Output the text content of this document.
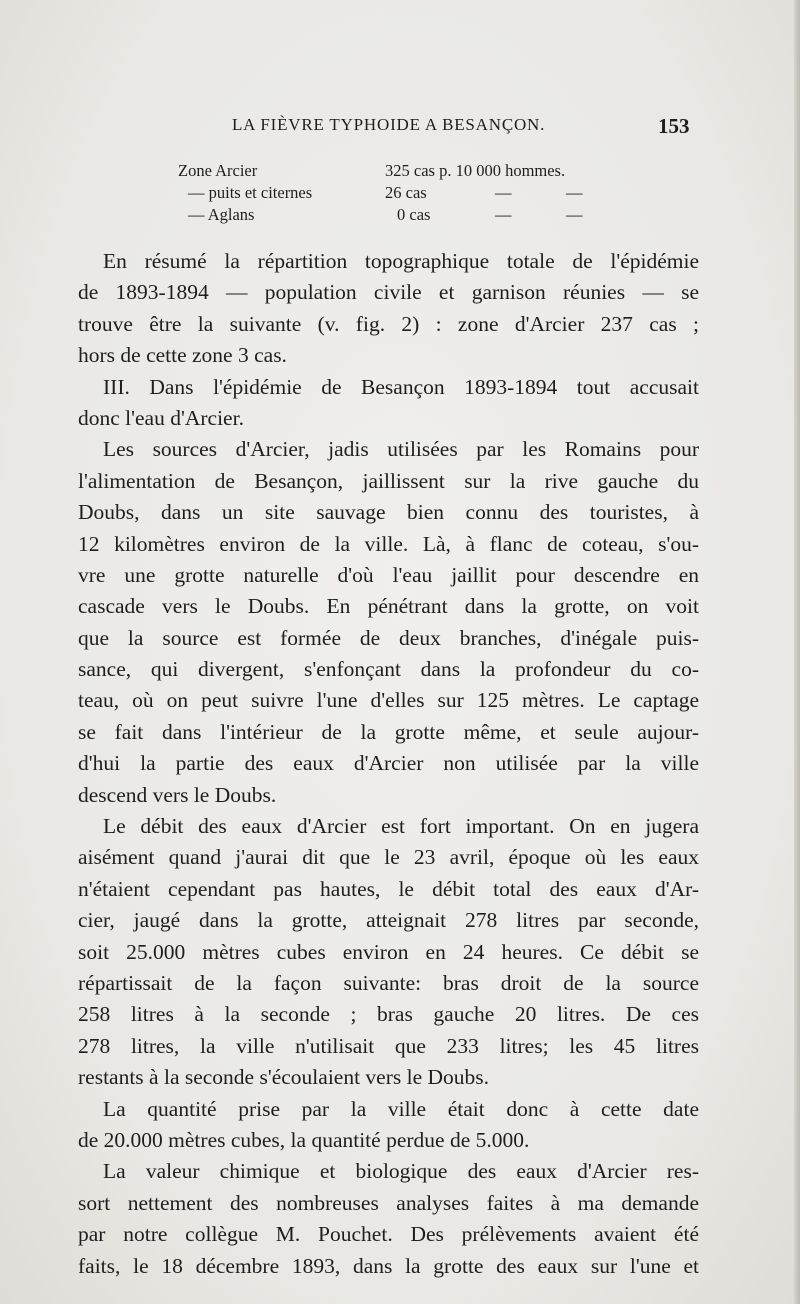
LA FIÈVRE TYPHOIDE A BESANÇON.	153
Zone Arcier	325 cas p. 10 000 hommes.
— puits et citernes	26 cas	—	—
— Aglans	0 cas	—	—
En résumé la répartition topographique totale de l'épidémie
de 1893-1894 — population civile et garnison réunies — se
trouve être la suivante (v. fig. 2) : zone d'Arcier 237 cas ;
hors de cette zone 3 cas.
III. Dans l'épidémie de Besançon 1893-1894 tout accusait
donc l'eau d'Arcier.
Les sources d'Arcier, jadis utilisées par les Romains pour
l'alimentation de Besançon, jaillissent sur la rive gauche du
Doubs, dans un site sauvage bien connu des touristes, à
12 kilomètres environ de la ville. Là, à flanc de coteau, s'ou-
vre une grotte naturelle d'où l'eau jaillit pour descendre en
cascade vers le Doubs. En pénétrant dans la grotte, on voit
que la source est formée de deux branches, d'inégale puis-
sance, qui divergent, s'enfonçant dans la profondeur du co-
teau, où on peut suivre l'une d'elles sur 125 mètres. Le captage
se fait dans l'intérieur de la grotte même, et seule aujour-
d'hui la partie des eaux d'Arcier non utilisée par la ville
descend vers le Doubs.
Le débit des eaux d'Arcier est fort important. On en jugera
aisément quand j'aurai dit que le 23 avril, époque où les eaux
n'étaient cependant pas hautes, le débit total des eaux d'Ar-
cier, jaugé dans la grotte, atteignait 278 litres par seconde,
soit 25.000 mètres cubes environ en 24 heures. Ce débit se
répartissait de la façon suivante: bras droit de la source
258 litres à la seconde ; bras gauche 20 litres. De ces
278 litres, la ville n'utilisait que 233 litres; les 45 litres
restants à la seconde s'écoulaient vers le Doubs.
La quantité prise par la ville était donc à cette date
de 20.000 mètres cubes, la quantité perdue de 5.000.
La valeur chimique et biologique des eaux d'Arcier res-
sort nettement des nombreuses analyses faites à ma demande
par notre collègue M. Pouchet. Des prélèvements avaient été
faits, le 18 décembre 1893, dans la grotte des eaux sur l'une et
